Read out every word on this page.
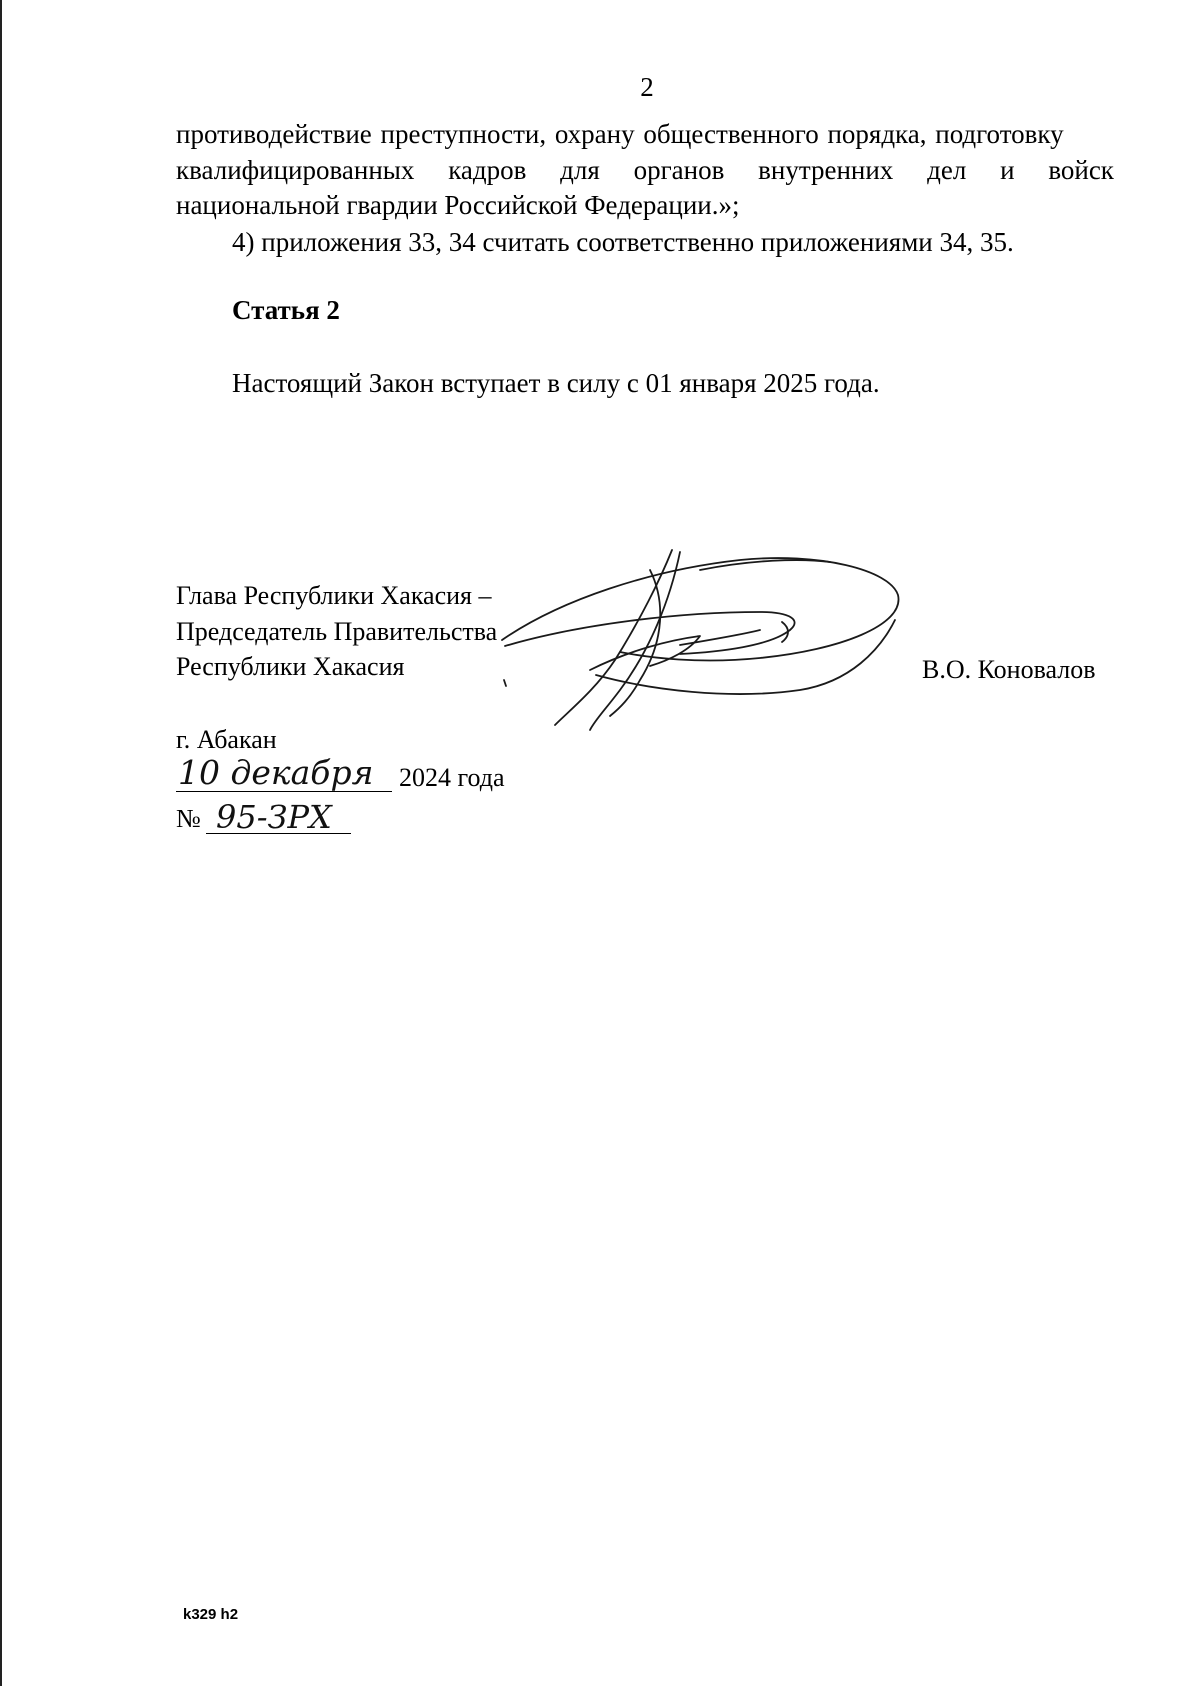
2
противодействие преступности, охрану общественного порядка, подготовку
квалифицированных кадров для органов внутренних дел и войск
национальной гвардии Российской Федерации.»;
4) приложения 33, 34 считать соответственно приложениями 34, 35.
Статья 2
Настоящий Закон вступает в силу с 01 января 2025 года.
Глава Республики Хакасия –
Председатель Правительства
Республики Хакасия	В.О. Коновалов
г. Абакан
10 декабря 2024 года
№ 95-ЗРХ
k329 h2
